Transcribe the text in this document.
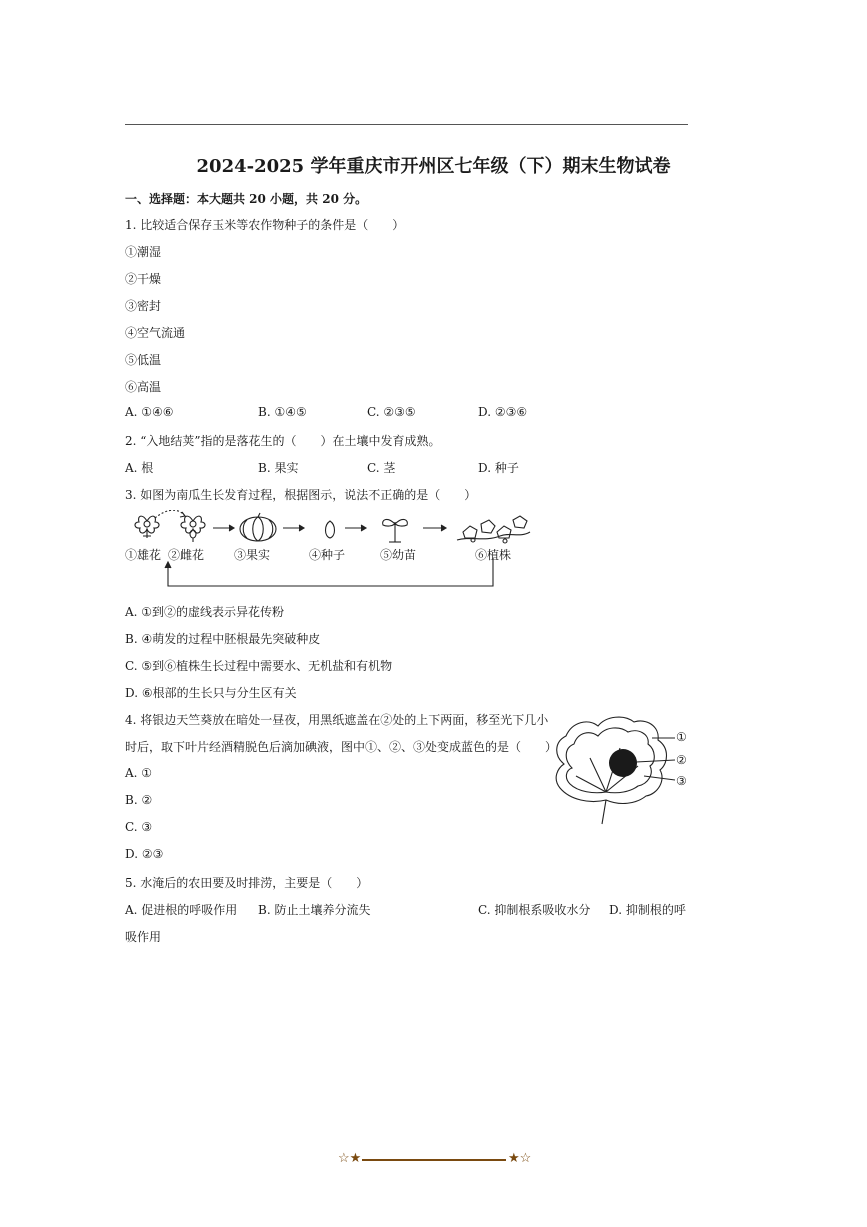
2024-2025 学年重庆市开州区七年级（下）期末生物试卷
一、选择题：本大题共 20 小题，共 20 分。
1. 比较适合保存玉米等农作物种子的条件是（　　）
①潮湿
②干燥
③密封
④空气流通
⑤低温
⑥高温
A. ①④⑥	B. ①④⑤	C. ②③⑤	D. ②③⑥
2. “入地结荚”指的是落花生的（　　）在土壤中发育成熟。
A. 根	B. 果实	C. 茎	D. 种子
3. 如图为南瓜生长发育过程，根据图示，说法不正确的是（　　）
①雄花 ②雌花 ③果实	④种子	⑤幼苗	⑥植株
A. ①到②的虚线表示异花传粉
B. ④萌发的过程中胚根最先突破种皮
C. ⑤到⑥植株生长过程中需要水、无机盐和有机物
D. ⑥根部的生长只与分生区有关
4. 将银边天竺葵放在暗处一昼夜，用黑纸遮盖在②处的上下两面，移至光下几小
时后，取下叶片经酒精脱色后滴加碘液，图中①、②、③处变成蓝色的是（　　）
①
②
③
A. ①
B. ②
C. ③
D. ②③
5. 水淹后的农田要及时排涝，主要是（　　）
A. 促进根的呼吸作用 B. 防止土壤养分流失	C. 抑制根系吸收水分 D. 抑制根的呼
吸作用
☆★	★☆
